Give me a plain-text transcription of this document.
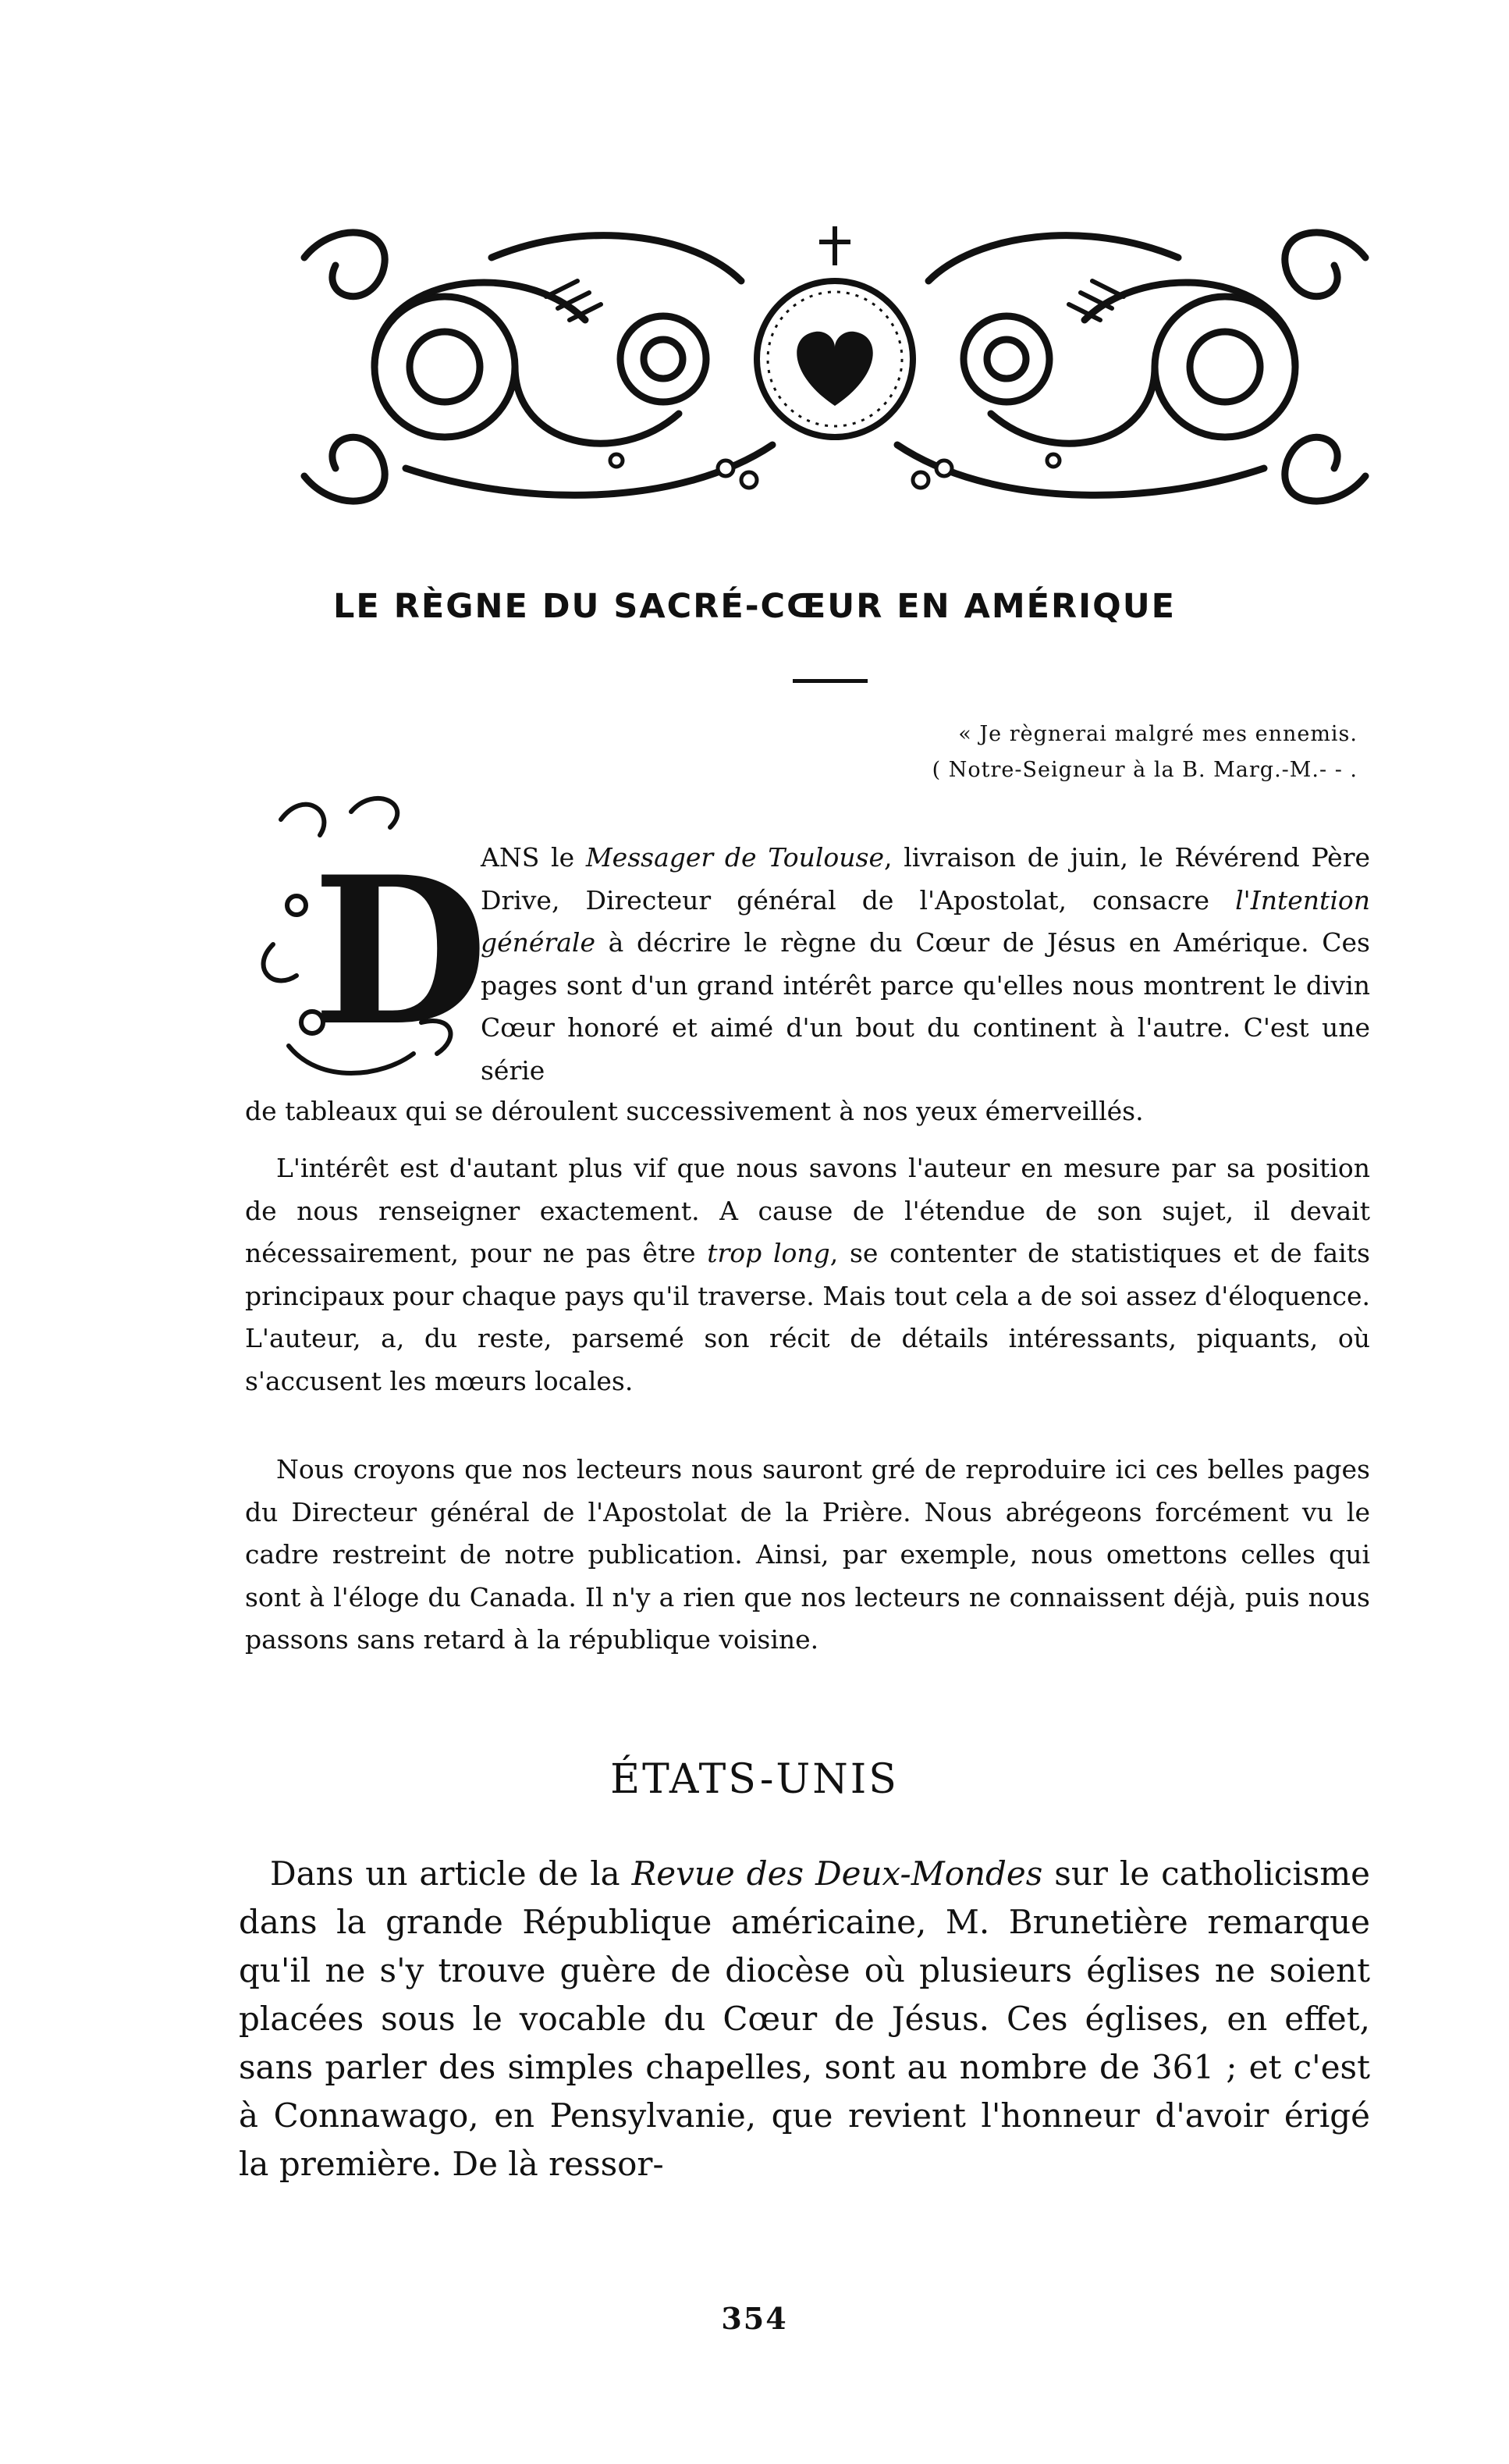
LE RÈGNE DU SACRÉ-CŒUR EN AMÉRIQUE
« Je règnerai malgré mes ennemis.
( Notre-Seigneur à la B. Marg.-M.- - .
D
ANS le Messager de Toulouse, livraison de juin, le Révérend Père Drive, Directeur général de l'Apostolat, consacre l'Intention générale à décrire le règne du Cœur de Jésus en Amérique. Ces pages sont d'un grand intérêt parce qu'elles nous montrent le divin Cœur honoré et aimé d'un bout du continent à l'autre. C'est une série
de tableaux qui se déroulent successivement à nos yeux émerveillés.
L'intérêt est d'autant plus vif que nous savons l'auteur en mesure par sa position de nous renseigner exactement. A cause de l'étendue de son sujet, il devait nécessairement, pour ne pas être trop long, se contenter de statistiques et de faits principaux pour chaque pays qu'il traverse. Mais tout cela a de soi assez d'éloquence. L'auteur, a, du reste, parsemé son récit de détails intéressants, piquants, où s'accusent les mœurs locales.
Nous croyons que nos lecteurs nous sauront gré de reproduire ici ces belles pages du Directeur général de l'Apostolat de la Prière. Nous abrégeons forcément vu le cadre restreint de notre publication. Ainsi, par exemple, nous omettons celles qui sont à l'éloge du Canada. Il n'y a rien que nos lecteurs ne connaissent déjà, puis nous passons sans retard à la république voisine.
ÉTATS-UNIS
Dans un article de la Revue des Deux-Mondes sur le catholicisme dans la grande République américaine, M. Brunetière remarque qu'il ne s'y trouve guère de diocèse où plusieurs églises ne soient placées sous le vocable du Cœur de Jésus. Ces églises, en effet, sans parler des simples chapelles, sont au nombre de 361 ; et c'est à Connawago, en Pensylvanie, que revient l'honneur d'avoir érigé la première. De là ressor-
354
